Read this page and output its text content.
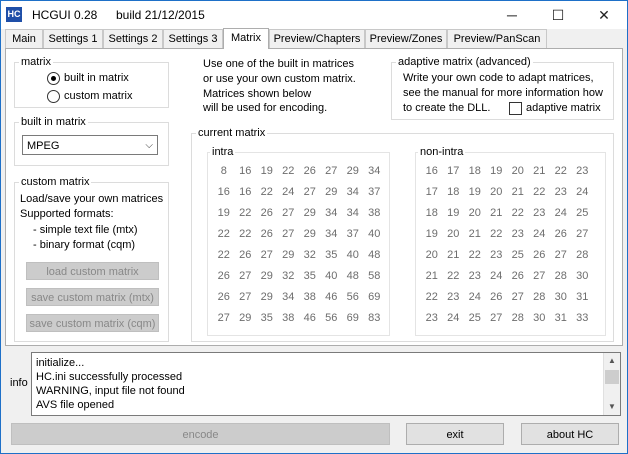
HC HCGUI 0.28 build 21/12/2015	─	☐	✕
Main	Settings 1	Settings 2	Settings 3	Matrix	Preview/Chapters Preview/Zones	Preview/PanScan
matrix
built in matrix
custom matrix
Use one of the built in matrices
or use your own custom matrix.
Matrices shown below
will be used for encoding.
adaptive matrix (advanced)
Write your own code to adapt matrices,
see the manual for more information how
to create the DLL.	adaptive matrix
built in matrix
MPEG	⌵
custom matrix
Load/save your own matrices
Supported formats:
- simple text file (mtx)
- binary format (cqm)
load custom matrix
save custom matrix (mtx)
save custom matrix (cqm)
current matrix
intra
8	16 19 22 26 27 29 34
16 16 22 24 27 29 34 37
19 22 26 27 29 34 34 38
22 22 26 27 29 34 37 40
22 26 27 29 32 35 40 48
26 27 29 32 35 40 48 58
26 27 29 34 38 46 56 69
27 29 35 38 46 56 69 83
non-intra
16 17 18 19 20 21 22 23
17 18 19 20 21 22 23 24
18 19 20 21 22 23 24 25
19 20 21 22 23 24 26 27
20 21 22 23 25 26 27 28
21 22 23 24 26 27 28 30
22 23 24 26 27 28 30 31
23 24 25 27 28 30 31 33
info
initialize...
HC.ini successfully processed
WARNING, input file not found
AVS file opened
▲
▼
encode	exit	about HC
